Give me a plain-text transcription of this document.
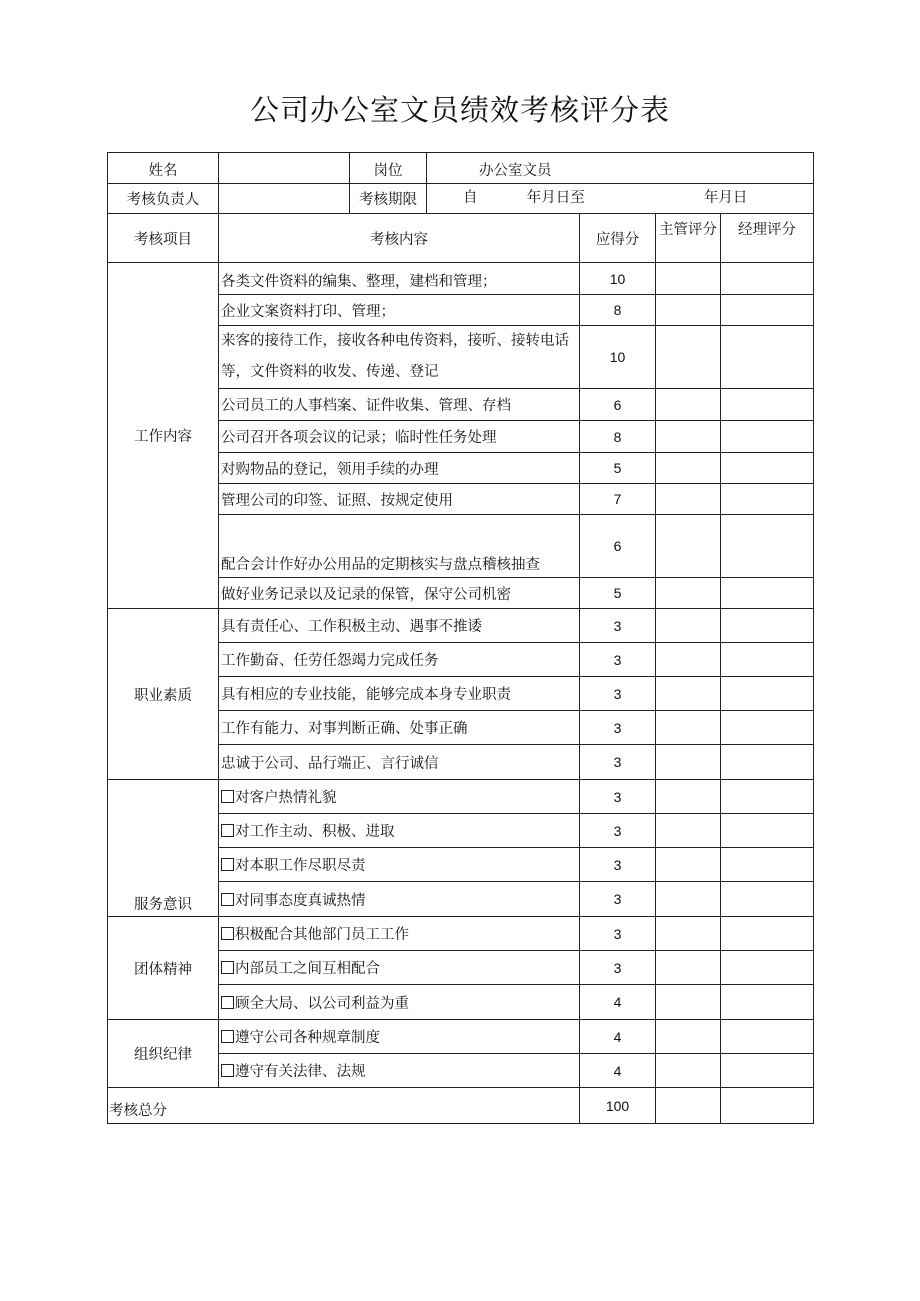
公司办公室文员绩效考核评分表
姓名		岗位	办公室文员			
考核负责人		考核期限	自 年月日至 年月日			
考核项目	考核内容			应得分	主管评分	经理评分
工作内容	各类文件资料的编集、整理，建档和管理；			10		
	企业文案资料打印、管理；			8		
	来客的接待工作，接收各种电传资料，接听、接转电话等，文件资料的收发、传递、登记			10		
	公司员工的人事档案、证件收集、管理、存档			6		
	公司召开各项会议的记录；临时性任务处理			8		
	对购物品的登记，领用手续的办理			5		
	管理公司的印签、证照、按规定使用			7		
	配合会计作好办公用品的定期核实与盘点稽核抽查			6		
	做好业务记录以及记录的保管，保守公司机密			5		
职业素质	具有责任心、工作积极主动、遇事不推诿			3		
	工作勤奋、任劳任怨竭力完成任务			3		
	具有相应的专业技能，能够完成本身专业职责			3		
	工作有能力、对事判断正确、处事正确			3		
	忠诚于公司、品行端正、言行诚信			3		
服务意识	对客户热情礼貌			3		
	对工作主动、积极、进取			3		
	对本职工作尽职尽责			3		
	对同事态度真诚热情			3		
团体精神	积极配合其他部门员工工作			3		
	内部员工之间互相配合			3		
	顾全大局、以公司利益为重			4		
组织纪律	遵守公司各种规章制度			4		
	遵守有关法律、法规			4		
考核总分				100		
